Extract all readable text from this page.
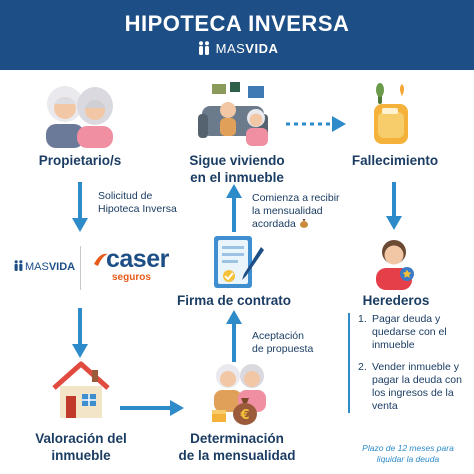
HIPOTECA INVERSA
MASVIDA
€
Propietario/s	Sigue viviendo
en el inmueble
Fallecimiento
Firma de contrato	Herederos
Valoración del
inmueble
Determinación
de la mensualidad
Solicitud de
Hipoteca Inversa
Comienza a recibir
la mensualidad
acordada
Aceptación
de propuesta
MASVIDA caser
seguros
1. Pagar deuda y quedarse con el inmueble
2. Vender inmueble y pagar la deuda con los ingresos de la venta
Plazo de 12 meses para
liquidar la deuda
